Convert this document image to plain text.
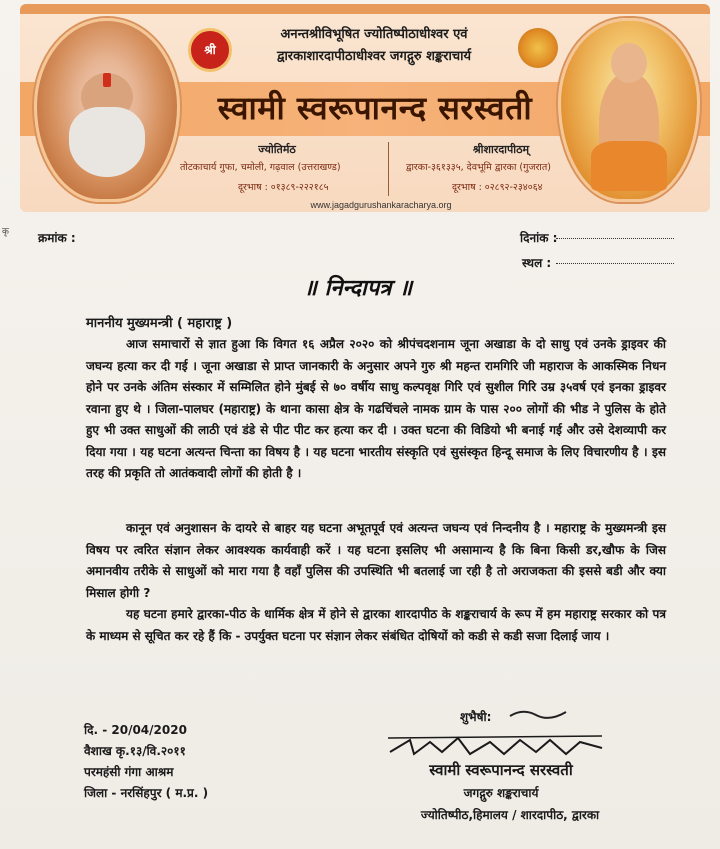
श्री
अनन्तश्रीविभूषित ज्योतिष्पीठाधीश्वर एवं
द्वारकाशारदापीठाधीश्वर जगद्गुरु शङ्कराचार्य
स्वामी स्वरूपानन्द सरस्वती
ज्योतिर्मठ
तोटकाचार्य गुफा, चमोली, गढ़वाल (उत्तराखण्ड)
दूरभाष : ०१३८९-२२२१८५
श्रीशारदापीठम्
द्वारका-३६१३३५, देवभूमि द्वारका (गुजरात)
दूरभाष : ०२८९२-२३४०६४
www.jagadgurushankaracharya.org
कृ क्रमांक :	दिनांक :
स्थल :
॥ निन्दापत्र ॥
माननीय मुख्यमन्त्री ( महाराष्ट्र )

आज समाचारों से ज्ञात हुआ कि विगत १६ अप्रैल २०२० को श्रीपंचदशनाम जूना अखाडा के दो साधु एवं उनके ड्राइवर की जघन्य हत्या कर दी गई । जूना अखाडा से प्राप्त जानकारी के अनुसार अपने गुरु श्री महन्त रामगिरि जी महाराज के आकस्मिक निधन होने पर उनके अंतिम संस्कार में सम्मिलित होने मुंबई से ७० वर्षीय साधु कल्पवृक्ष गिरि एवं सुशील गिरि उम्र ३५वर्ष एवं इनका ड्राइवर रवाना हुए थे । जिला-पालघर (महाराष्ट्र) के थाना कासा क्षेत्र के गढचिंचले नामक ग्राम के पास २०० लोगों की भीड ने पुलिस के होते हुए भी उक्त साधुओं की लाठी एवं डंडे से पीट पीट कर हत्या कर दी । उक्त घटना की विडियो भी बनाई गई और उसे देशव्यापी कर दिया गया । यह घटना अत्यन्त चिन्ता का विषय है । यह घटना भारतीय संस्कृति एवं सुसंस्कृत हिन्दू समाज के लिए विचारणीय है । इस तरह की प्रकृति तो आतंकवादी लोगों की होती है ।

कानून एवं अनुशासन के दायरे से बाहर यह घटना अभूतपूर्व एवं अत्यन्त जघन्य एवं निन्दनीय है । महाराष्ट्र के मुख्यमन्त्री इस विषय पर त्वरित संज्ञान लेकर आवश्यक कार्यवाही करें । यह घटना इसलिए भी असामान्य है कि बिना किसी डर,खौफ के जिस अमानवीय तरीके से साधुओं को मारा गया है वहाँ पुलिस की उपस्थिति भी बतलाई जा रही है तो अराजकता की इससे बडी और क्या मिसाल होगी ?

यह घटना हमारे द्वारका-पीठ के धार्मिक क्षेत्र में होने से द्वारका शारदापीठ के शङ्कराचार्य के रूप में हम महाराष्ट्र सरकार को पत्र के माध्यम से सूचित कर रहे हैं कि - उपर्युक्त घटना पर संज्ञान लेकर संबंधित दोषियों को कडी से कडी सजा दिलाई जाय ।

दि. - 20/04/2020
वैशाख कृ.१३/वि.२०११
परमहंसी गंगा आश्रम
जिला - नरसिंहपुर ( म.प्र. )
शुभैषी:
स्वामी स्वरूपानन्द सरस्वती
जगद्गुरु शङ्कराचार्य
ज्योतिष्पीठ,हिमालय / शारदापीठ, द्वारका
